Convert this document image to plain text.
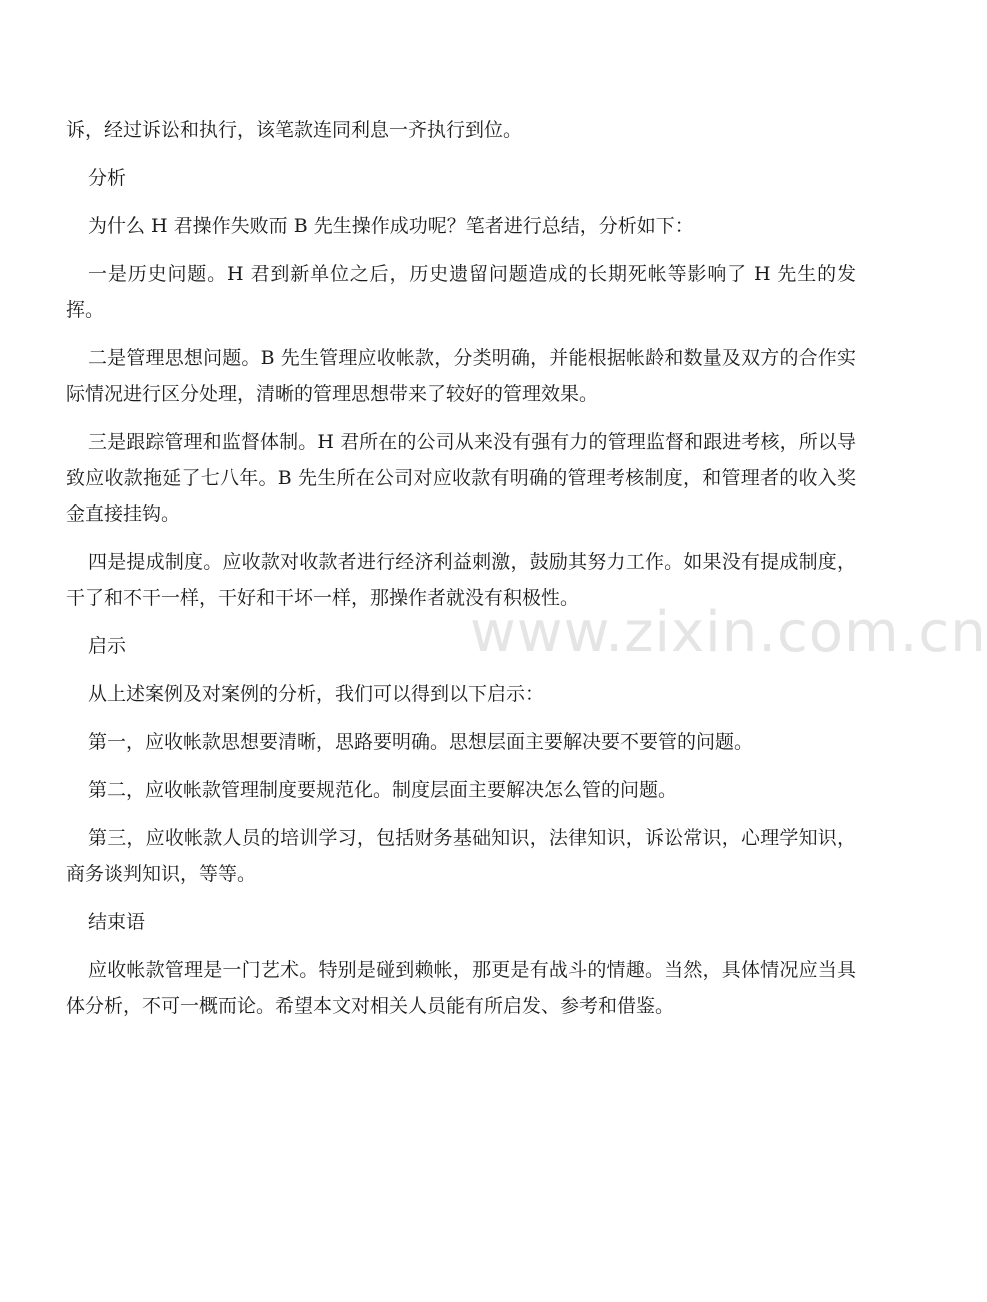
诉，经过诉讼和执行，该笔款连同利息一齐执行到位。

分析

为什么 H 君操作失败而 B 先生操作成功呢？笔者进行总结，分析如下：

一是历史问题。H 君到新单位之后，历史遗留问题造成的长期死帐等影响了 H 先生的发挥。

二是管理思想问题。B 先生管理应收帐款，分类明确，并能根据帐龄和数量及双方的合作实际情况进行区分处理，清晰的管理思想带来了较好的管理效果。

三是跟踪管理和监督体制。H 君所在的公司从来没有强有力的管理监督和跟进考核，所以导致应收款拖延了七八年。B 先生所在公司对应收款有明确的管理考核制度，和管理者的收入奖金直接挂钩。

四是提成制度。应收款对收款者进行经济利益刺激，鼓励其努力工作。如果没有提成制度，干了和不干一样，干好和干坏一样，那操作者就没有积极性。

启示

从上述案例及对案例的分析，我们可以得到以下启示：

第一，应收帐款思想要清晰，思路要明确。思想层面主要解决要不要管的问题。

第二，应收帐款管理制度要规范化。制度层面主要解决怎么管的问题。

第三，应收帐款人员的培训学习，包括财务基础知识，法律知识，诉讼常识，心理学知识，商务谈判知识，等等。

结束语

应收帐款管理是一门艺术。特别是碰到赖帐，那更是有战斗的情趣。当然，具体情况应当具体分析，不可一概而论。希望本文对相关人员能有所启发、参考和借鉴。

www.zixin.com.cn
